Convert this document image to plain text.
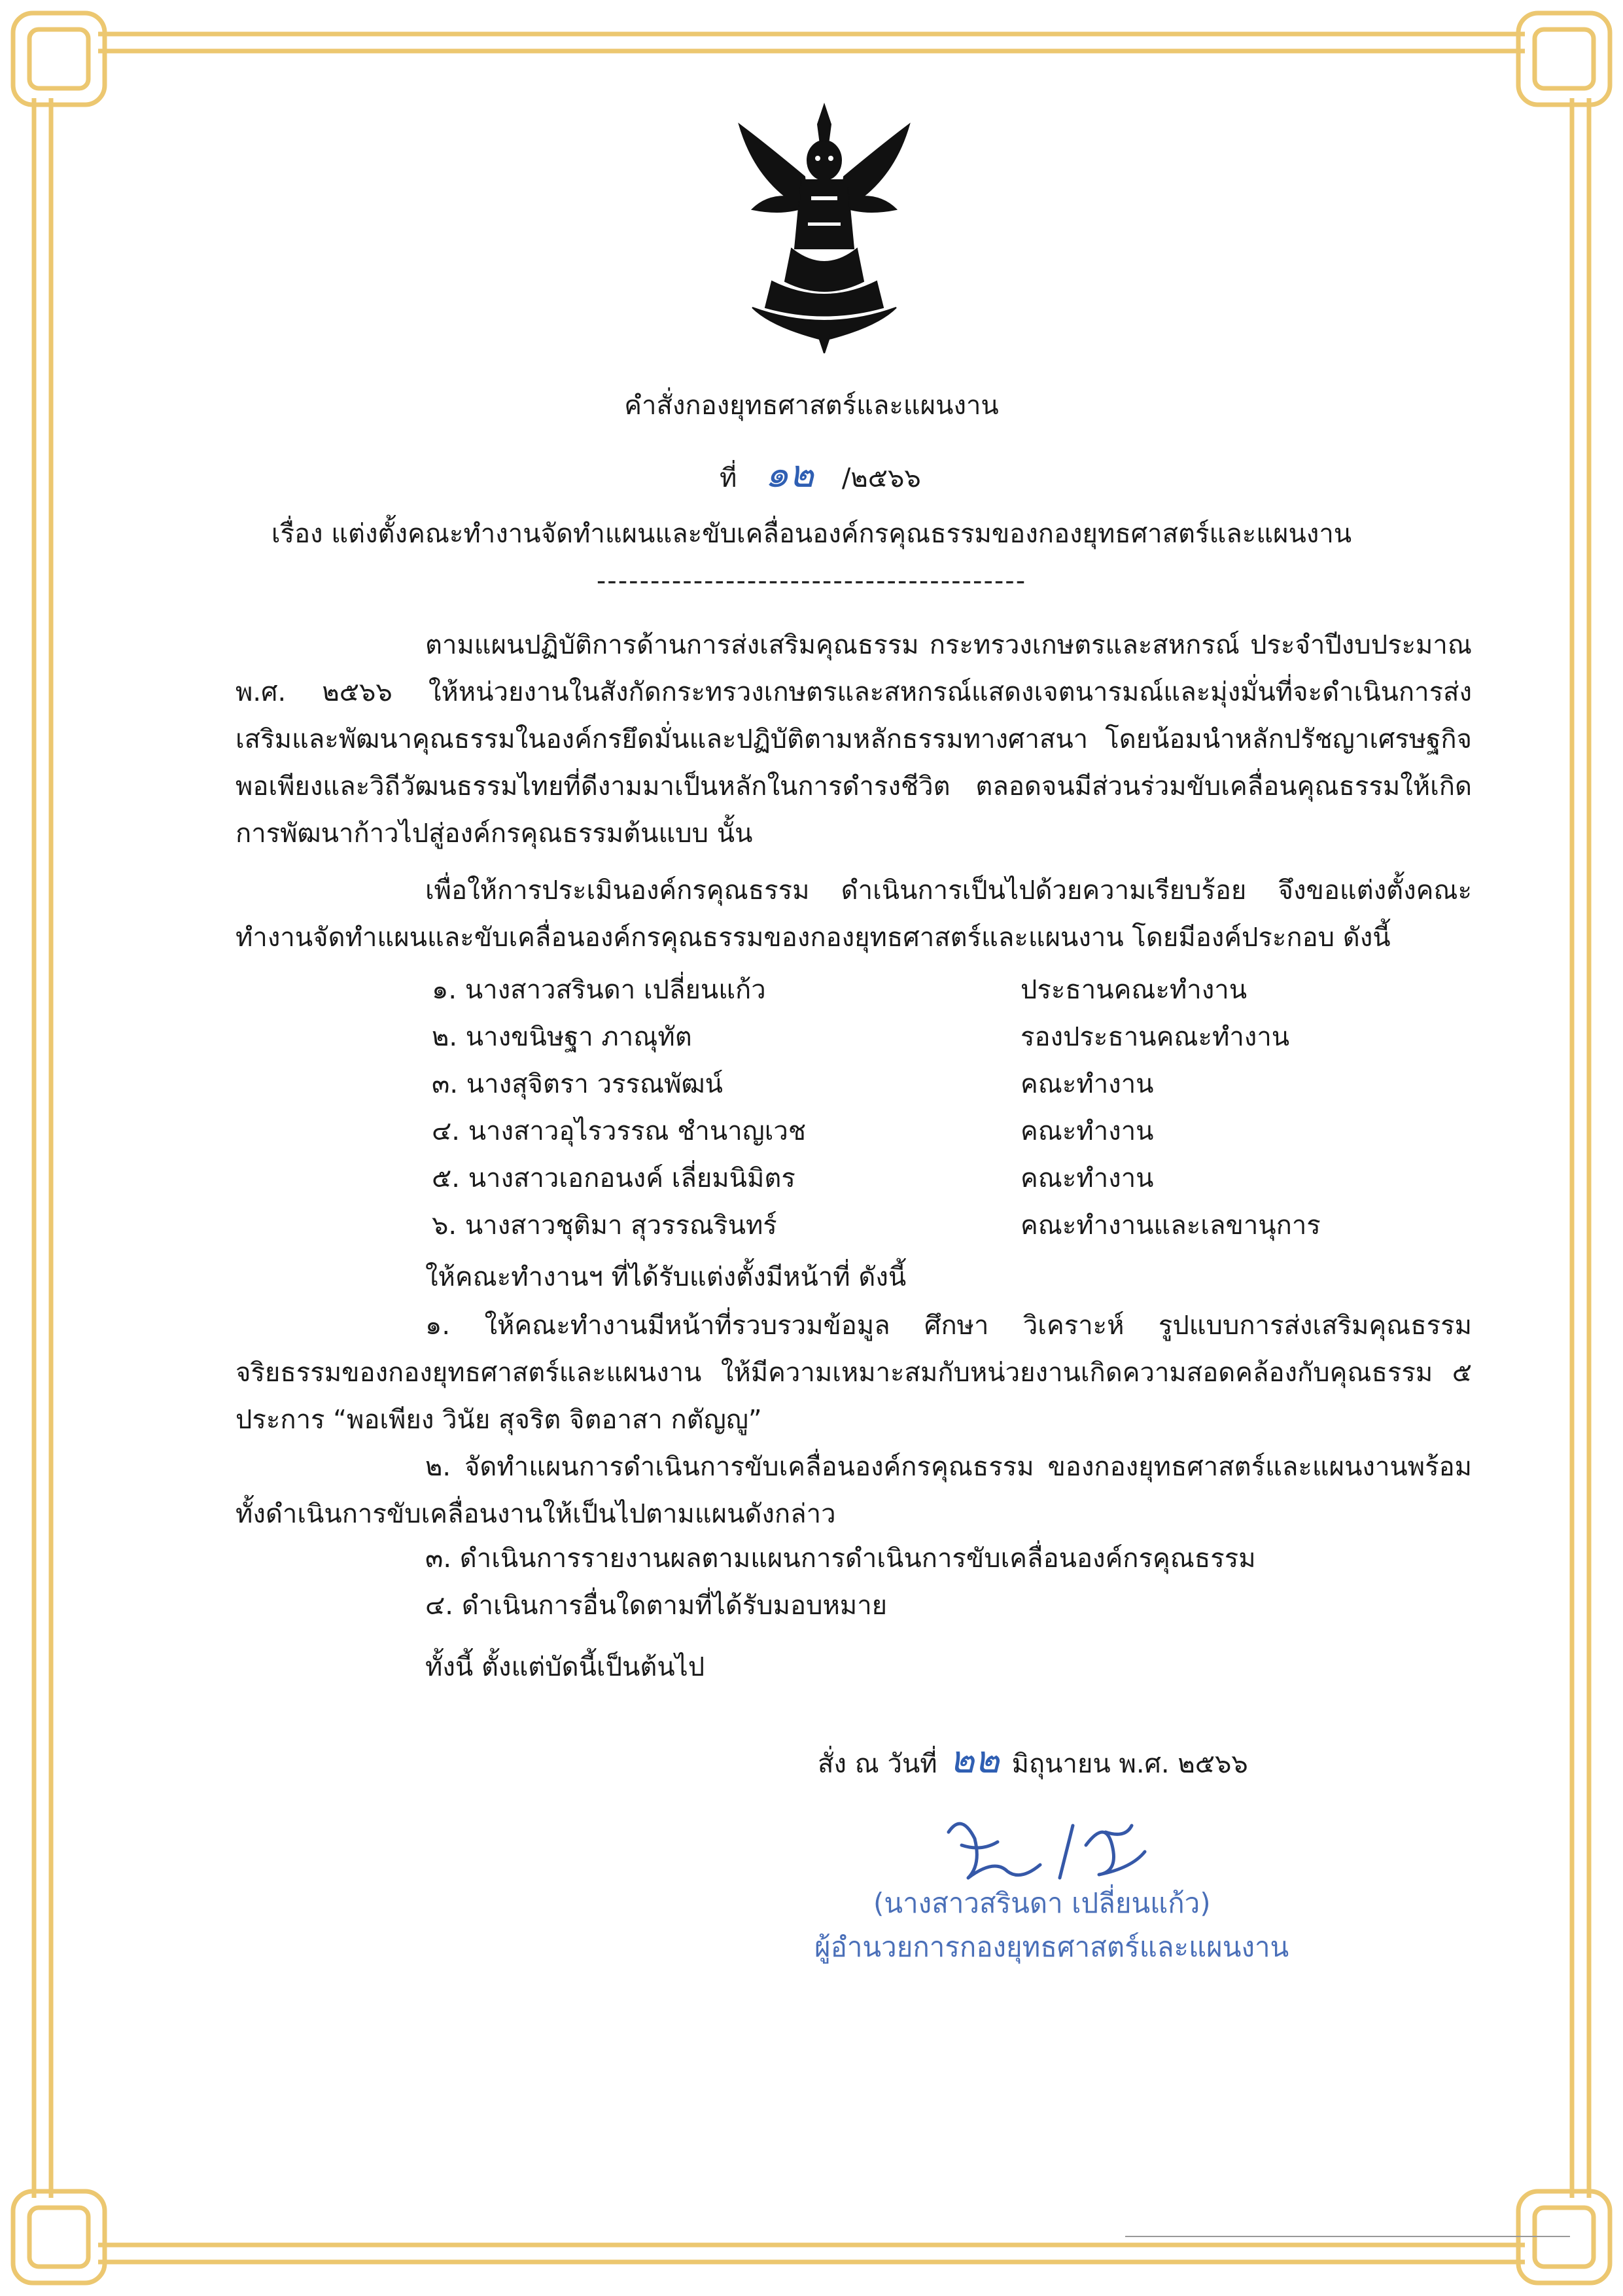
คำสั่งกองยุทธศาสตร์และแผนงาน
ที่ ๑๒ /๒๕๖๖
เรื่อง แต่งตั้งคณะทำงานจัดทำแผนและขับเคลื่อนองค์กรคุณธรรมของกองยุทธศาสตร์และแผนงาน
----------------------------------------
ตามแผนปฏิบัติการด้านการส่งเสริมคุณธรรม กระทรวงเกษตรและสหกรณ์ ประจำปีงบประมาณ พ.ศ. ๒๕๖๖ ให้หน่วยงานในสังกัดกระทรวงเกษตรและสหกรณ์แสดงเจตนารมณ์และมุ่งมั่นที่จะดำเนินการส่งเสริมและพัฒนาคุณธรรมในองค์กรยึดมั่นและปฏิบัติตามหลักธรรมทางศาสนา โดยน้อมนำหลักปรัชญาเศรษฐกิจพอเพียงและวิถีวัฒนธรรมไทยที่ดีงามมาเป็นหลักในการดำรงชีวิต ตลอดจนมีส่วนร่วมขับเคลื่อนคุณธรรมให้เกิดการพัฒนาก้าวไปสู่องค์กรคุณธรรมต้นแบบ นั้น
เพื่อให้การประเมินองค์กรคุณธรรม ดำเนินการเป็นไปด้วยความเรียบร้อย จึงขอแต่งตั้งคณะทำงานจัดทำแผนและขับเคลื่อนองค์กรคุณธรรมของกองยุทธศาสตร์และแผนงาน โดยมีองค์ประกอบ ดังนี้
๑. นางสาวสรินดา เปลี่ยนแก้ว	ประธานคณะทำงาน
๒. นางขนิษฐา ภาณุทัต	รองประธานคณะทำงาน
๓. นางสุจิตรา วรรณพัฒน์	คณะทำงาน
๔. นางสาวอุไรวรรณ ชำนาญเวช	คณะทำงาน
๕. นางสาวเอกอนงค์ เลี่ยมนิมิตร	คณะทำงาน
๖. นางสาวชุติมา สุวรรณรินทร์	คณะทำงานและเลขานุการ
ให้คณะทำงานฯ ที่ได้รับแต่งตั้งมีหน้าที่ ดังนี้
๑. ให้คณะทำงานมีหน้าที่รวบรวมข้อมูล ศึกษา วิเคราะห์ รูปแบบการส่งเสริมคุณธรรมจริยธรรมของกองยุทธศาสตร์และแผนงาน ให้มีความเหมาะสมกับหน่วยงานเกิดความสอดคล้องกับคุณธรรม ๕ ประการ “พอเพียง วินัย สุจริต จิตอาสา กตัญญู”
๒. จัดทำแผนการดำเนินการขับเคลื่อนองค์กรคุณธรรม ของกองยุทธศาสตร์และแผนงานพร้อมทั้งดำเนินการขับเคลื่อนงานให้เป็นไปตามแผนดังกล่าว
๓. ดำเนินการรายงานผลตามแผนการดำเนินการขับเคลื่อนองค์กรคุณธรรม
๔. ดำเนินการอื่นใดตามที่ได้รับมอบหมาย
ทั้งนี้ ตั้งแต่บัดนี้เป็นต้นไป
สั่ง ณ วันที่ ๒๒ มิถุนายน พ.ศ. ๒๕๖๖
(นางสาวสรินดา เปลี่ยนแก้ว)
ผู้อำนวยการกองยุทธศาสตร์และแผนงาน
